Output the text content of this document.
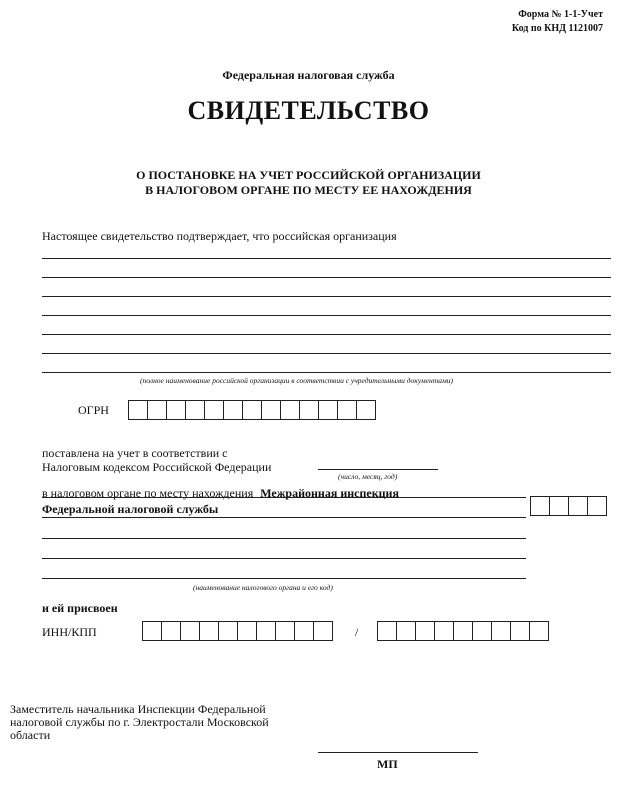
Форма № 1-1-Учет
Код по КНД 1121007
Федеральная налоговая служба
СВИДЕТЕЛЬСТВО
О ПОСТАНОВКЕ НА УЧЕТ РОССИЙСКОЙ ОРГАНИЗАЦИИ
В НАЛОГОВОМ ОРГАНЕ ПО МЕСТУ ЕЕ НАХОЖДЕНИЯ
Настоящее свидетельство подтверждает, что российская организация
(полное наименование российской организации в соответствии с учредительными документами)
ОГРН
поставлена на учет в соответствии с
Налоговым кодексом Российской Федерации
(число, месяц, год)
в налоговом органе по месту нахождения Межрайонная инспекция
Федеральной налоговой службы
(наименование налогового органа и его код)
и ей присвоен
ИНН/КПП	/
Заместитель начальника Инспекции Федеральной
налоговой службы по г. Электростали Московской
области
МП
